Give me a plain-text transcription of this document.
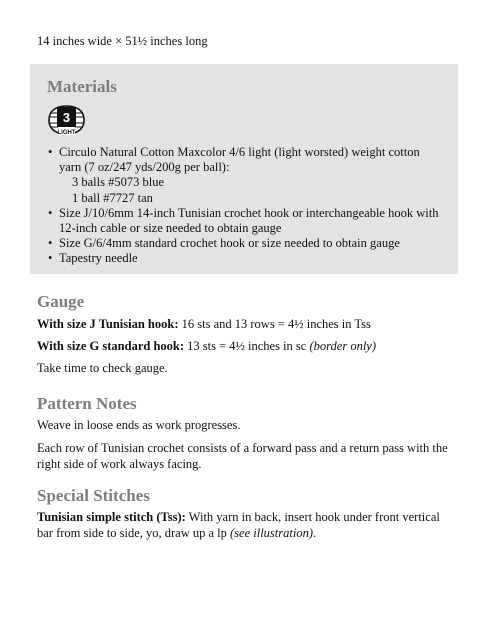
14 inches wide × 51½ inches long
Materials
3
LIGHT
• Circulo Natural Cotton Maxcolor 4/6 light (light worsted) weight cotton yarn (7 oz/247 yds/200g per ball):
3 balls #5073 blue
1 ball #7727 tan
• Size J/10/6mm 14-inch Tunisian crochet hook or interchangeable hook with 12-inch cable or size needed to obtain gauge
• Size G/6/4mm standard crochet hook or size needed to obtain gauge
• Tapestry needle
Gauge

With size J Tunisian hook: 16 sts and 13 rows = 4½ inches in Tss

With size G standard hook: 13 sts = 4½ inches in sc (border only)

Take time to check gauge.

Pattern Notes

Weave in loose ends as work progresses.

Each row of Tunisian crochet consists of a forward pass and a return pass with the right side of work always facing.

Special Stitches

Tunisian simple stitch (Tss): With yarn in back, insert hook under front vertical bar from side to side, yo, draw up a lp (see illustration).
